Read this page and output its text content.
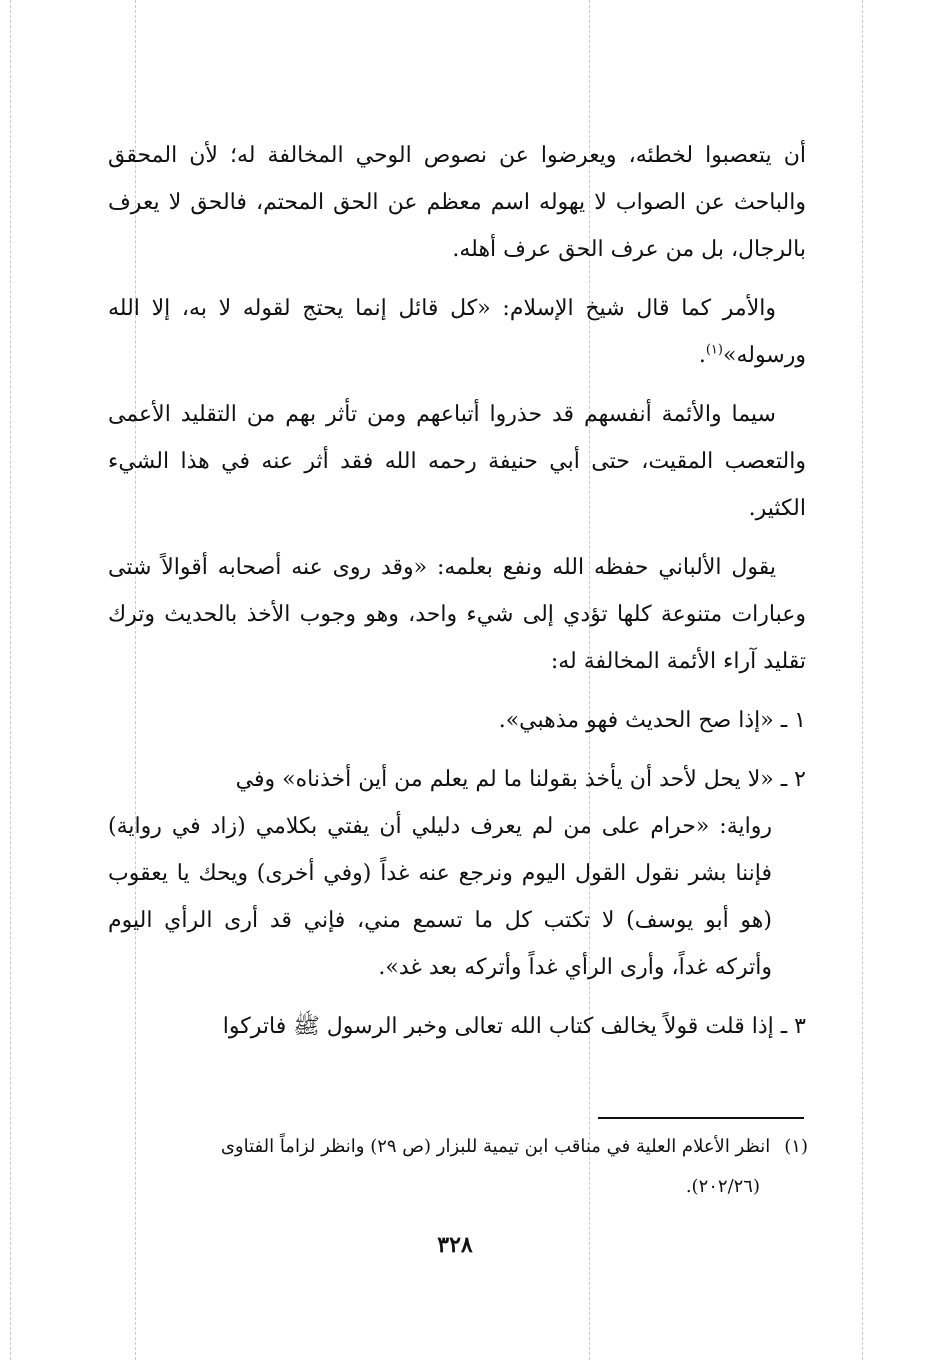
أن يتعصبوا لخطئه، ويعرضوا عن نصوص الوحي المخالفة له؛ لأن المحقق والباحث عن الصواب لا يهوله اسم معظم عن الحق المحتم، فالحق لا يعرف بالرجال، بل من عرف الحق عرف أهله.

والأمر كما قال شيخ الإسلام: «كل قائل إنما يحتج لقوله لا به، إلا الله ورسوله»$^{(١)}$.

سيما والأئمة أنفسهم قد حذروا أتباعهم ومن تأثر بهم من التقليد الأعمى والتعصب المقيت، حتى أبي حنيفة رحمه الله فقد أثر عنه في هذا الشيء الكثير.

يقول الألباني حفظه الله ونفع بعلمه: «وقد روى عنه أصحابه أقوالاً شتى وعبارات متنوعة كلها تؤدي إلى شيء واحد، وهو وجوب الأخذ بالحديث وترك تقليد آراء الأئمة المخالفة له:

١ ـ «إذا صح الحديث فهو مذهبي».
٢ ـ «لا يحل لأحد أن يأخذ بقولنا ما لم يعلم من أين أخذناه» وفي
رواية: «حرام على من لم يعرف دليلي أن يفتي بكلامي (زاد في رواية) فإننا بشر نقول القول اليوم ونرجع عنه غداً (وفي أخرى) ويحك يا يعقوب (هو أبو يوسف) لا تكتب كل ما تسمع مني، فإني قد أرى الرأي اليوم وأتركه غداً، وأرى الرأي غداً وأتركه بعد غد».
٣ ـ إذا قلت قولاً يخالف كتاب الله تعالى وخبر الرسول ﷺ فاتركوا
(١)انظر الأعلام العلية في مناقب ابن تيمية للبزار (ص ٢٩) وانظر لزاماً الفتاوى
(٢٠٢/٢٦).
٣٢٨
